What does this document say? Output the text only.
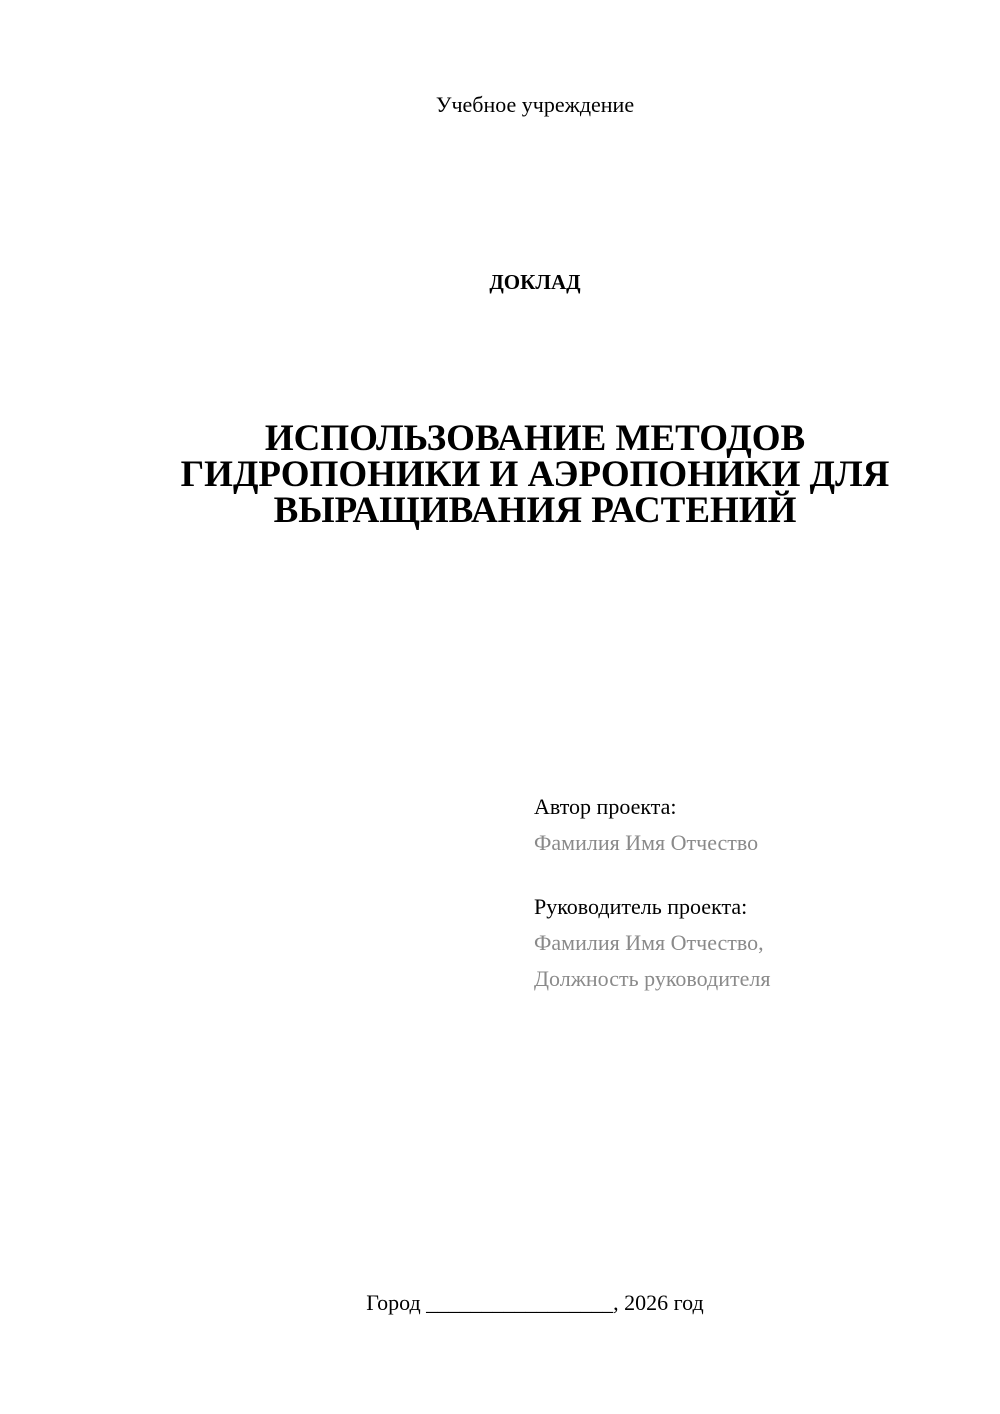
Учебное учреждение
ДОКЛАД
ИСПОЛЬЗОВАНИЕ МЕТОДОВ
ГИДРОПОНИКИ И АЭРОПОНИКИ ДЛЯ
ВЫРАЩИВАНИЯ РАСТЕНИЙ
Автор проекта:
Фамилия Имя Отчество
Руководитель проекта:
Фамилия Имя Отчество,
Должность руководителя
Город _________________, 2026 год
